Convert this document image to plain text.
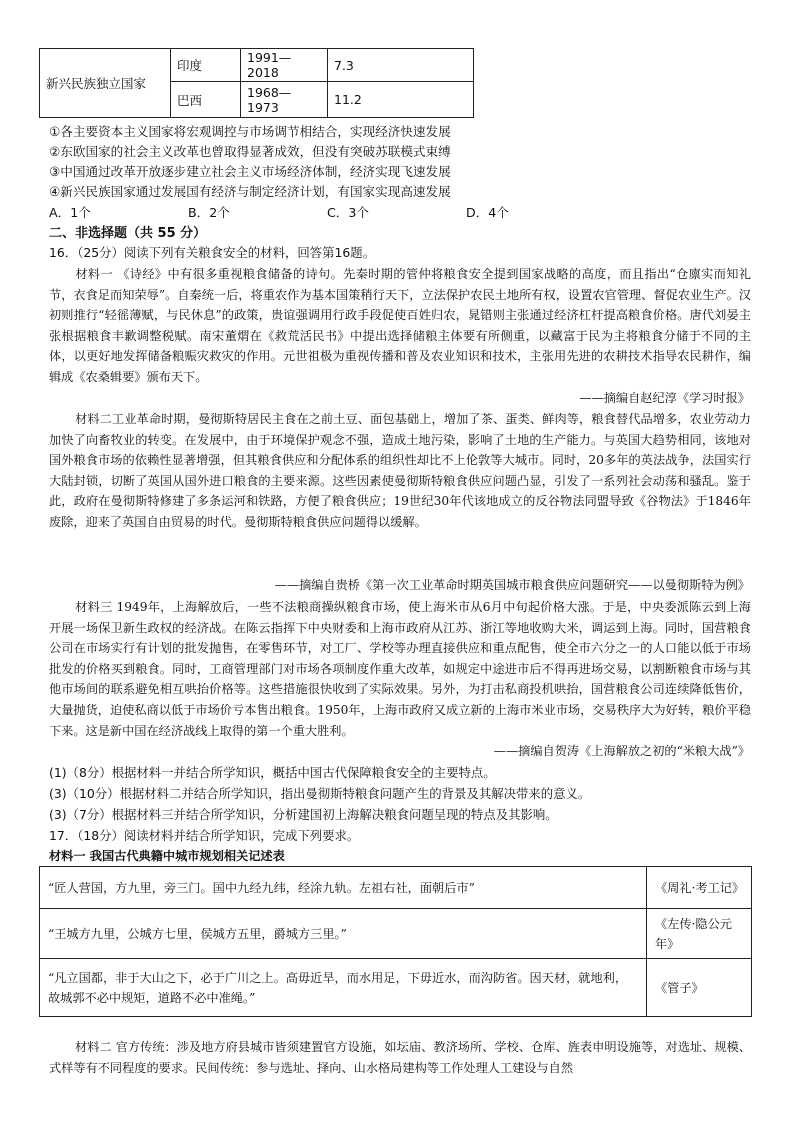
新兴民族独立国家	印度	1991—2018	7.3
	巴西	1968—1973	11.2
①各主要资本主义国家将宏观调控与市场调节相结合，实现经济快速发展
②东欧国家的社会主义改革也曾取得显著成效，但没有突破苏联模式束缚
③中国通过改革开放逐步建立社会主义市场经济体制，经济实现飞速发展
④新兴民族国家通过发展国有经济与制定经济计划，有国家实现高速发展
A．1个	B．2个	C．3个	D．4个
二、非选择题（共 55 分）
16．（25分）阅读下列有关粮食安全的材料，回答第16题。
材料一 《诗经》中有很多重视粮食储备的诗句。先秦时期的管仲将粮食安全提到国家战略的高度，而且指出“仓廪实而知礼节，衣食足而知荣辱”。自秦统一后，将重农作为基本国策稍行天下，立法保护农民土地所有权，设置农官管理、督促农业生产。汉初则推行“轻徭薄赋，与民休息”的政策，贵谊强调用行政手段促使百姓归农，晁错则主张通过经济杠杆提高粮食价格。唐代刘晏主张根据粮食丰歉调整税赋。南宋董煟在《救荒活民书》中提出选择储粮主体要有所侧重，以藏富于民为主将粮食分储于不同的主体，以更好地发挥储备粮赈灾救灾的作用。元世祖极为重视传播和普及农业知识和技术，主张用先进的农耕技术指导农民耕作，编辑成《农桑辑要》颁布天下。
——摘编自赵纪淳《学习时报》
材料二工业革命时期，曼彻斯特居民主食在之前土豆、面包基础上，增加了茶、蛋类、鲜肉等，粮食替代品增多，农业劳动力加快了向畜牧业的转变。在发展中，由于环境保护观念不强，造成土地污染，影响了土地的生产能力。与英国大趋势相同，该地对国外粮食市场的依赖性显著增强，但其粮食供应和分配体系的组织性却比不上伦敦等大城市。同时，20多年的英法战争，法国实行大陆封锁，切断了英国从国外进口粮食的主要来源。这些因素使曼彻斯特粮食供应问题凸显，引发了一系列社会动荡和骚乱。鉴于此，政府在曼彻斯特修建了多条运河和铁路，方便了粮食供应；19世纪30年代该地成立的反谷物法同盟导致《谷物法》于1846年废除，迎来了英国自由贸易的时代。曼彻斯特粮食供应问题得以缓解。
——摘编自贵桥《第一次工业革命时期英国城市粮食供应问题研究——以曼彻斯特为例》
材料三 1949年，上海解放后，一些不法粮商操纵粮食市场，使上海米市从6月中旬起价格大涨。于是，中央委派陈云到上海开展一场保卫新生政权的经济战。在陈云指挥下中央财委和上海市政府从江苏、浙江等地收购大米，调运到上海。同时，国营粮食公司在市场实行有计划的批发抛售，在零售环节，对工厂、学校等办理直接供应和重点配售，使全市六分之一的人口能以低于市场批发的价格买到粮食。同时，工商管理部门对市场各项制度作重大改革，如规定中途进市后不得再进场交易，以割断粮食市场与其他市场间的联系避免相互哄抬价格等。这些措施很快收到了实际效果。另外，为打击私商投机哄抬，国营粮食公司连续降低售价，大量抛货，迫使私商以低于市场价亏本售出粮食。1950年，上海市政府又成立新的上海市米业市场，交易秩序大为好转，粮价平稳下来。这是新中国在经济战线上取得的第一个重大胜利。
——摘编自贺涛《上海解放之初的“米粮大战”》
(1)（8分）根据材料一并结合所学知识，概括中国古代保障粮食安全的主要特点。
(3)（10分）根据材料二并结合所学知识，指出曼彻斯特粮食问题产生的背景及其解决带来的意义。
(3)（7分）根据材料三并结合所学知识，分析建国初上海解决粮食问题呈现的特点及其影响。
17．（18分）阅读材料并结合所学知识，完成下列要求。
材料一 我国古代典籍中城市规划相关记述表
“匠人营国，方九里，旁三门。国中九经九纬，经涂九轨。左祖右社，面朝后市”	《周礼·考工记》
“王城方九里，公城方七里，侯城方五里，爵城方三里。”	《左传·隐公元年》
“凡立国都，非于大山之下，必于广川之上。高毋近旱，而水用足，下毋近水，而沟防省。因天材，就地利，故城郭不必中规矩，道路不必中准绳。”	《管子》
材料二 官方传统：涉及地方府县城市皆须建置官方设施，如坛庙、教济场所、学校、仓库、旌表申明设施等，对选址、规模、式样等有不同程度的要求。民间传统：参与选址、择向、山水格局建构等工作处理人工建设与自然
